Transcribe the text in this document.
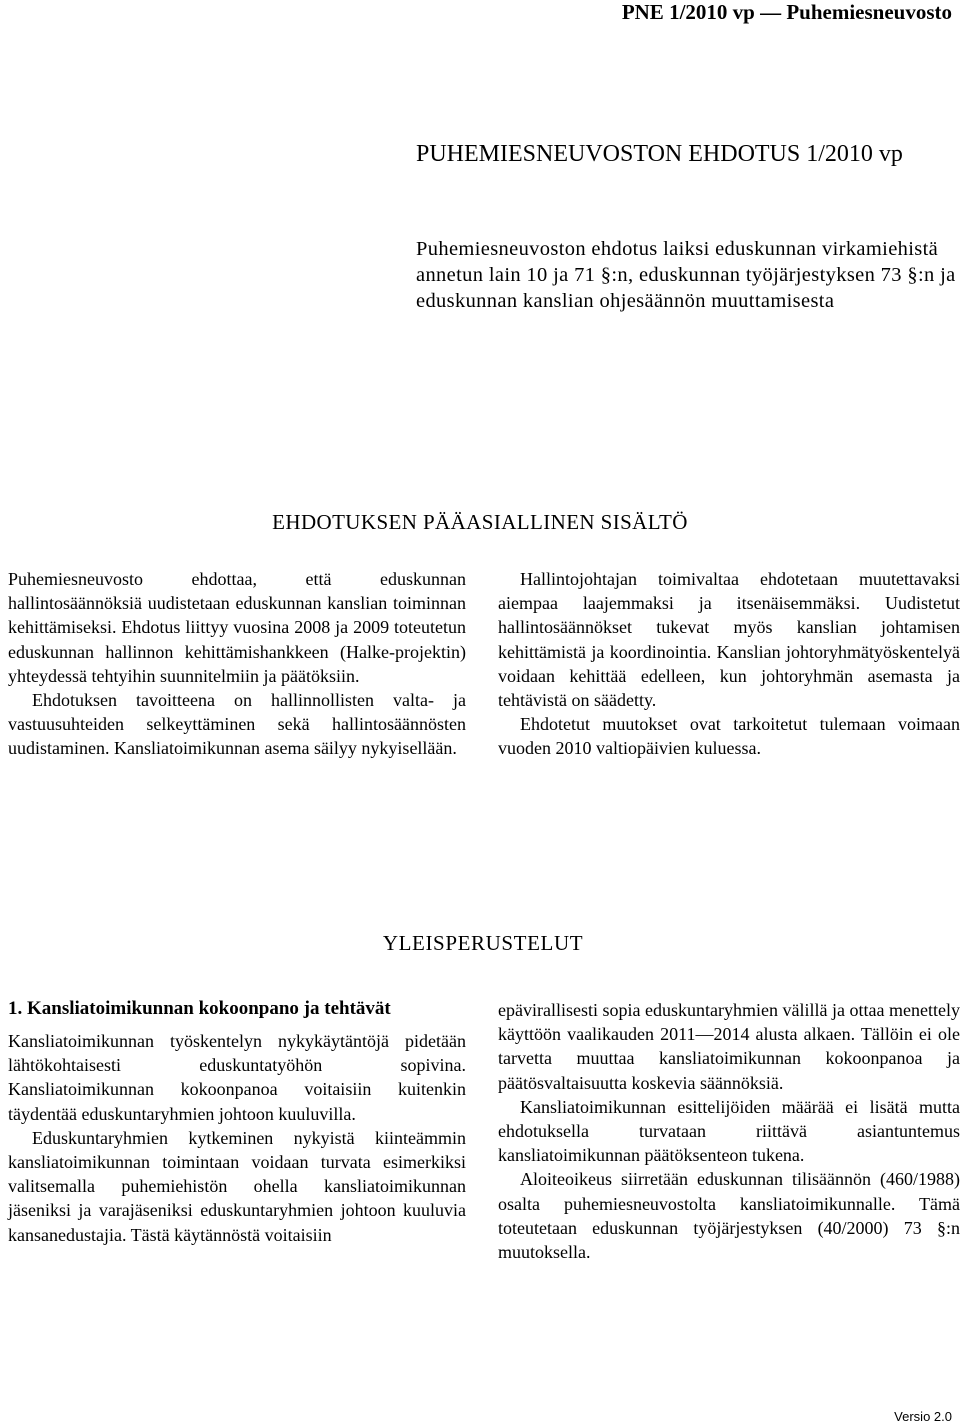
PNE 1/2010 vp — Puhemiesneuvosto
PUHEMIESNEUVOSTON EHDOTUS 1/2010 vp
Puhemiesneuvoston ehdotus laiksi eduskunnan virkamiehistä annetun lain 10 ja 71 §:n, eduskunnan työjärjestyksen 73 §:n ja eduskunnan kanslian ohjesäännön muuttamisesta
EHDOTUKSEN PÄÄASIALLINEN SISÄLTÖ

Puhemiesneuvosto ehdottaa, että eduskunnan hallintosäännöksiä uudistetaan eduskunnan kanslian toiminnan kehittämiseksi. Ehdotus liittyy vuosina 2008 ja 2009 toteutetun eduskunnan hallinnon kehittämishankkeen (Halke-projektin) yhteydessä tehtyihin suunnitelmiin ja päätöksiin.

Ehdotuksen tavoitteena on hallinnollisten valta- ja vastuusuhteiden selkeyttäminen sekä hallintosäännösten uudistaminen. Kansliatoimikunnan asema säilyy nykyisellään.

Hallintojohtajan toimivaltaa ehdotetaan muutettavaksi aiempaa laajemmaksi ja itsenäisemmäksi. Uudistetut hallintosäännökset tukevat myös kanslian johtamisen kehittämistä ja koordinointia. Kanslian johtoryhmätyöskentelyä voidaan kehittää edelleen, kun johtoryhmän asemasta ja tehtävistä on säädetty.

Ehdotetut muutokset ovat tarkoitetut tulemaan voimaan vuoden 2010 valtiopäivien kuluessa.

YLEISPERUSTELUT
1. Kansliatoimikunnan kokoonpano ja tehtävät

Kansliatoimikunnan työskentelyn nykykäytäntöjä pidetään lähtökohtaisesti eduskuntatyöhön sopivina. Kansliatoimikunnan kokoonpanoa voitaisiin kuitenkin täydentää eduskuntaryhmien johtoon kuuluvilla.

Eduskuntaryhmien kytkeminen nykyistä kiinteämmin kansliatoimikunnan toimintaan voidaan turvata esimerkiksi valitsemalla puhemiehistön ohella kansliatoimikunnan jäseniksi ja varajäseniksi eduskuntaryhmien johtoon kuuluvia kansanedustajia. Tästä käytännöstä voitaisiin

epävirallisesti sopia eduskuntaryhmien välillä ja ottaa menettely käyttöön vaalikauden 2011—2014 alusta alkaen. Tällöin ei ole tarvetta muuttaa kansliatoimikunnan kokoonpanoa ja päätösvaltaisuutta koskevia säännöksiä.

Kansliatoimikunnan esittelijöiden määrää ei lisätä mutta ehdotuksella turvataan riittävä asiantuntemus kansliatoimikunnan päätöksenteon tukena.

Aloiteoikeus siirretään eduskunnan tilisäännön (460/1988) osalta puhemiesneuvostolta kansliatoimikunnalle. Tämä toteutetaan eduskunnan työjärjestyksen (40/2000) 73 §:n muutoksella.

Versio 2.0
